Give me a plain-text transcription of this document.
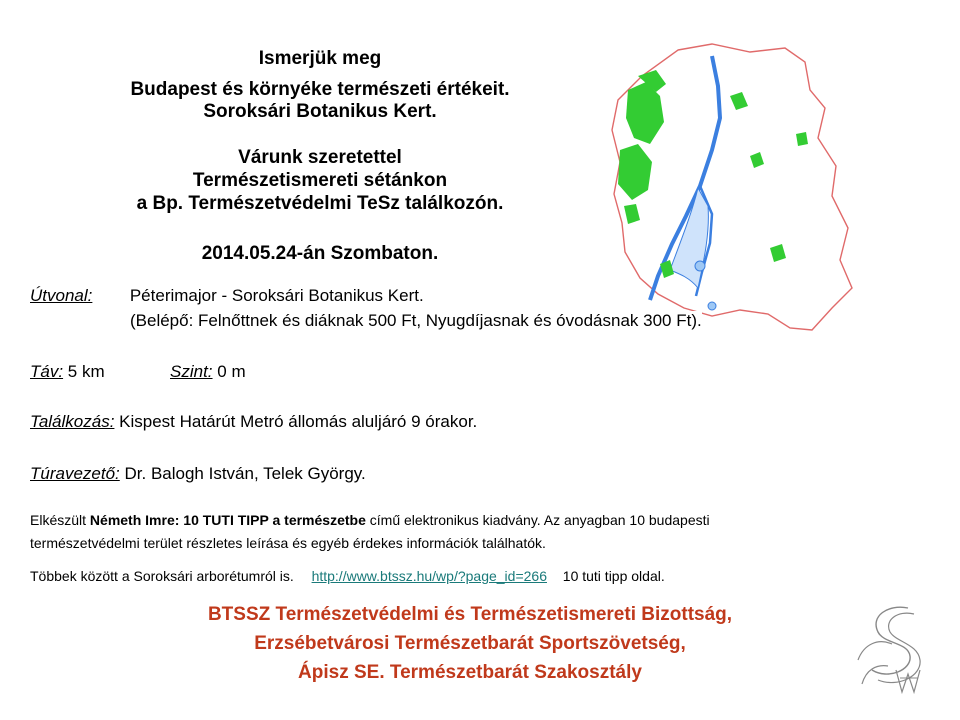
Ismerjük meg
Budapest és környéke természeti értékeit.
Soroksári Botanikus Kert.
Várunk szeretettel
Természetismereti sétánkon
a Bp. Természetvédelmi TeSz találkozón.
2014.05.24-án Szombaton.
Útvonal: Péterimajor - Soroksári Botanikus Kert.
(Belépő: Felnőttnek és diáknak 500 Ft, Nyugdíjasnak és óvodásnak 300 Ft).
Táv: 5 km	Szint: 0 m
Találkozás: Kispest Határút Metró állomás aluljáró 9 órakor.
Túravezető: Dr. Balogh István, Telek György.
Elkészült Németh Imre: 10 TUTI TIPP a természetbe című elektronikus kiadvány. Az anyagban 10 budapesti
természetvédelmi terület részletes leírása és egyéb érdekes információk találhatók.
Többek között a Soroksári arborétumról is. http://www.btssz.hu/wp/?page_id=266 10 tuti tipp oldal.
BTSSZ Természetvédelmi és Természetismereti Bizottság,
Erzsébetvárosi Természetbarát Sportszövetség,
Ápisz SE. Természetbarát Szakosztály
